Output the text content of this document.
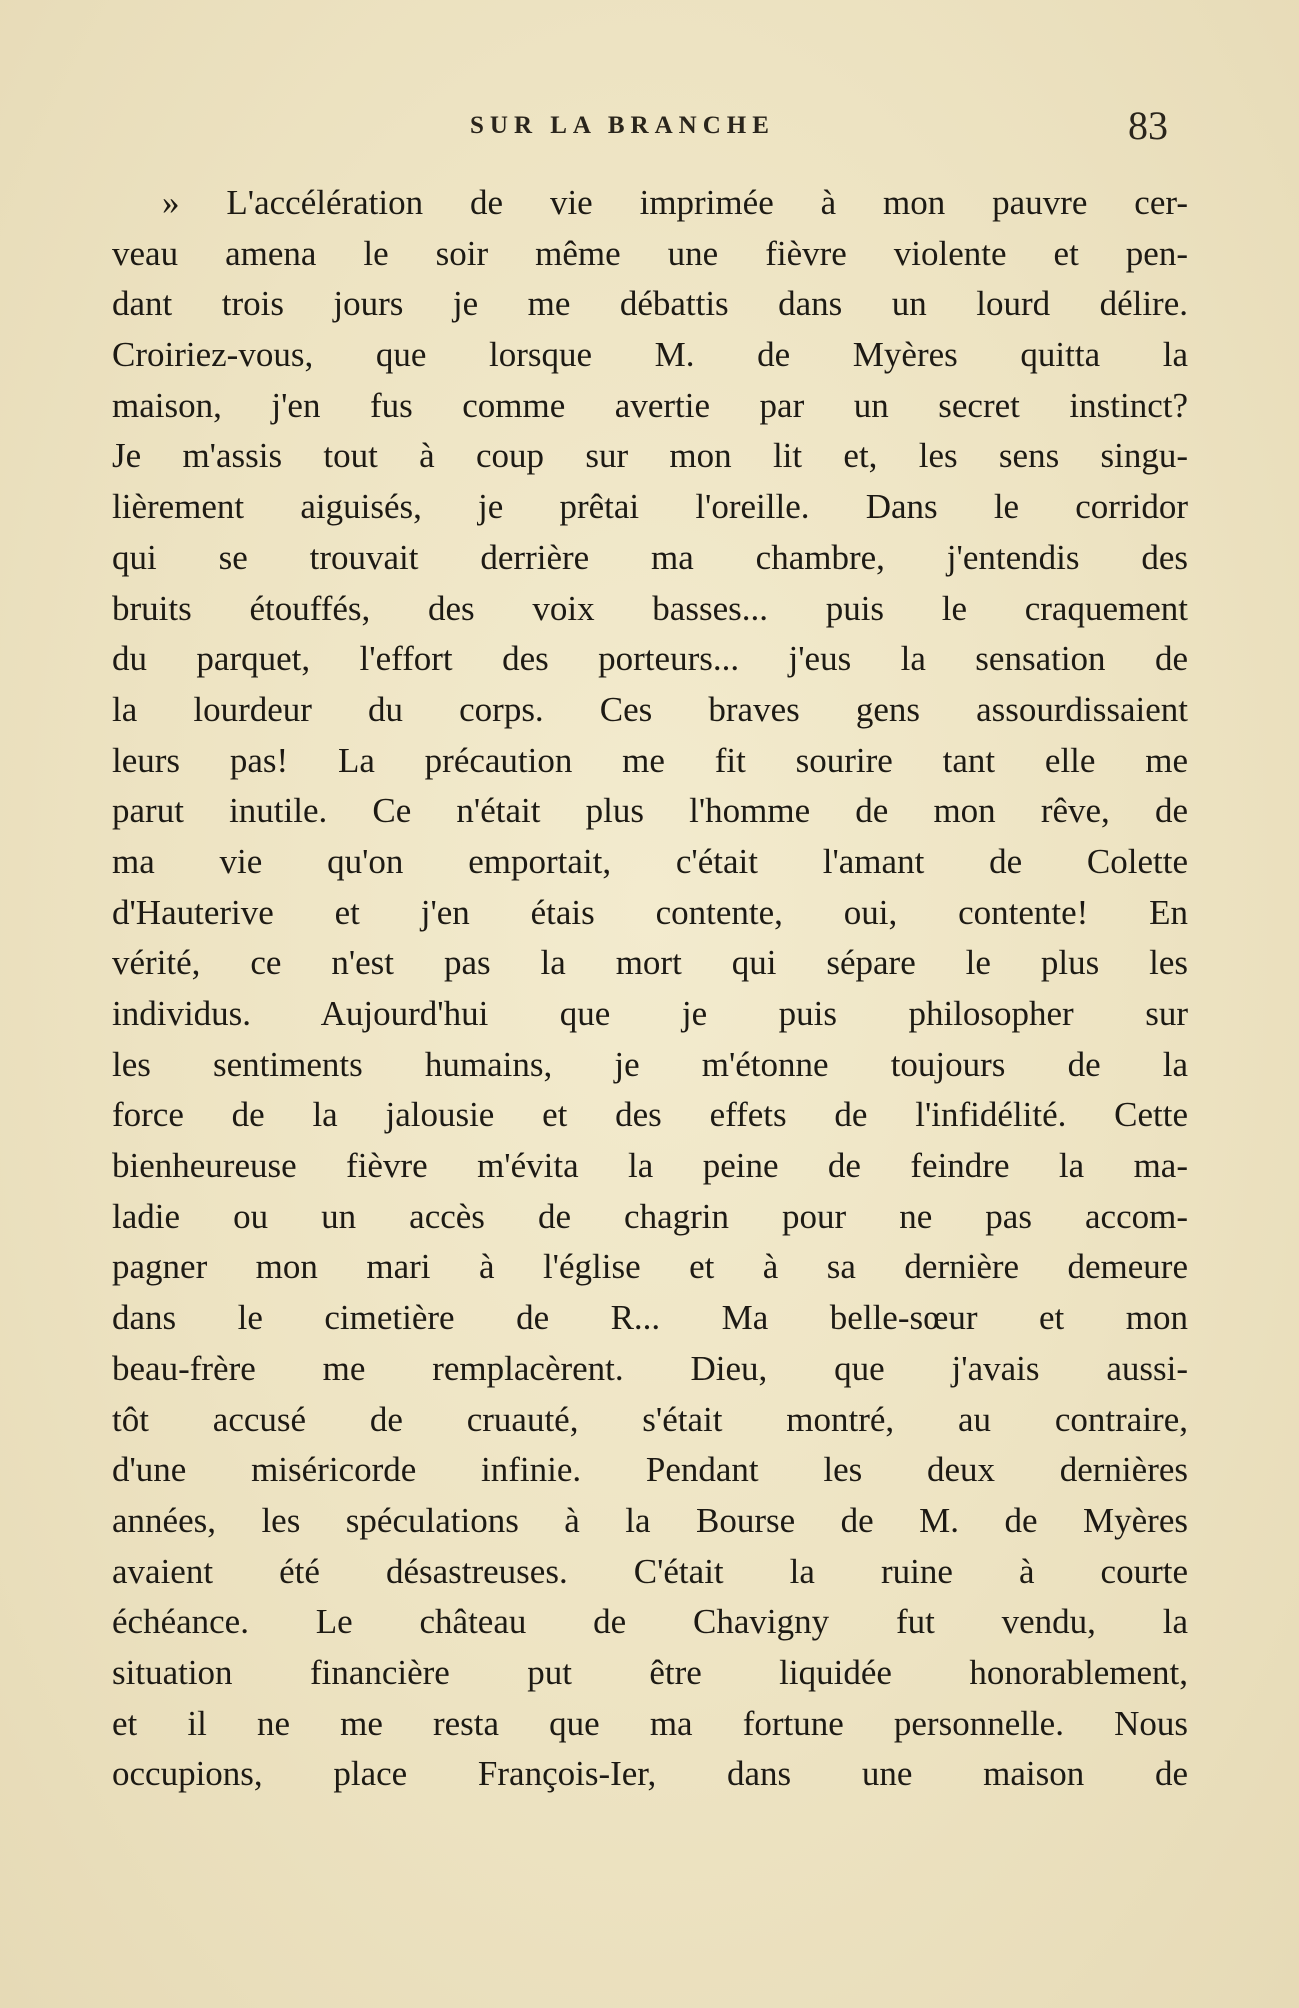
SUR LA BRANCHE	83
» L'accélération de vie imprimée à mon pauvre cer-
veau amena le soir même une fièvre violente et pen-
dant trois jours je me débattis dans un lourd délire.
Croiriez-vous, que lorsque M. de Myères quitta la
maison, j'en fus comme avertie par un secret instinct?
Je m'assis tout à coup sur mon lit et, les sens singu-
lièrement aiguisés, je prêtai l'oreille. Dans le corridor
qui se trouvait derrière ma chambre, j'entendis des
bruits étouffés, des voix basses... puis le craquement
du parquet, l'effort des porteurs... j'eus la sensation de
la lourdeur du corps. Ces braves gens assourdissaient
leurs pas! La précaution me fit sourire tant elle me
parut inutile. Ce n'était plus l'homme de mon rêve, de
ma vie qu'on emportait, c'était l'amant de Colette
d'Hauterive et j'en étais contente, oui, contente! En
vérité, ce n'est pas la mort qui sépare le plus les
individus. Aujourd'hui que je puis philosopher sur
les sentiments humains, je m'étonne toujours de la
force de la jalousie et des effets de l'infidélité. Cette
bienheureuse fièvre m'évita la peine de feindre la ma-
ladie ou un accès de chagrin pour ne pas accom-
pagner mon mari à l'église et à sa dernière demeure
dans le cimetière de R... Ma belle-sœur et mon
beau-frère me remplacèrent. Dieu, que j'avais aussi-
tôt accusé de cruauté, s'était montré, au contraire,
d'une miséricorde infinie. Pendant les deux dernières
années, les spéculations à la Bourse de M. de Myères
avaient été désastreuses. C'était la ruine à courte
échéance. Le château de Chavigny fut vendu, la
situation financière put être liquidée honorablement,
et il ne me resta que ma fortune personnelle. Nous
occupions, place François-Ier, dans une maison de
